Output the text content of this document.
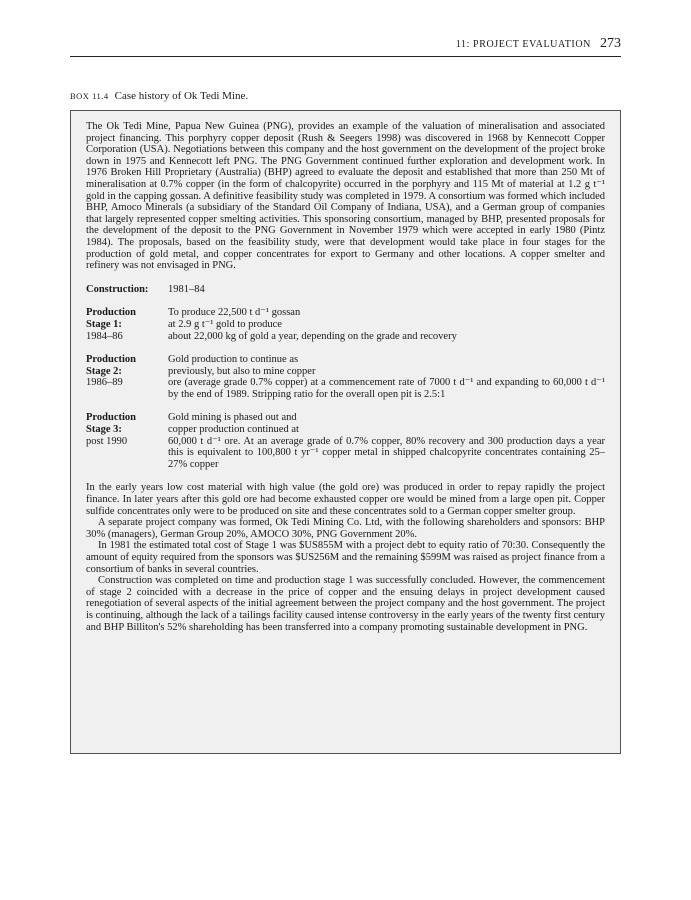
11: PROJECT EVALUATION 273
BOX 11.4 Case history of Ok Tedi Mine.

The Ok Tedi Mine, Papua New Guinea (PNG), provides an example of the valuation of mineralisation and associated project financing. This porphyry copper deposit (Rush & Seegers 1998) was discovered in 1968 by Kennecott Copper Corporation (USA). Negotiations between this company and the host government on the development of the project broke down in 1975 and Kennecott left PNG. The PNG Government continued further exploration and development work. In 1976 Broken Hill Proprietary (Australia) (BHP) agreed to evaluate the deposit and established that more than 250 Mt of mineralisation at 0.7% copper (in the form of chalcopyrite) occurred in the porphyry and 115 Mt of material at 1.2 g t⁻¹ gold in the capping gossan. A definitive feasibility study was completed in 1979. A consortium was formed which included BHP, Amoco Minerals (a subsidiary of the Standard Oil Company of Indiana, USA), and a German group of companies that largely represented copper smelting activities. This sponsoring consortium, managed by BHP, presented proposals for the development of the deposit to the PNG Government in November 1979 which were accepted in early 1980 (Pintz 1984). The proposals, based on the feasibility study, were that development would take place in four stages for the production of gold metal, and copper concentrates for export to Germany and other locations. A copper smelter and refinery was not envisaged in PNG.

Construction:	1981–84
Production	To produce 22,500 t d⁻¹ gossan
Stage 1:	at 2.9 g t⁻¹ gold to produce
1984–86	about 22,000 kg of gold a year, depending on the grade and recovery
Production	Gold production to continue as
Stage 2:	previously, but also to mine copper
1986–89	ore (average grade 0.7% copper) at a commencement rate of 7000 t d⁻¹ and expanding to 60,000 t d⁻¹ by the end of 1989. Stripping ratio for the overall open pit is 2.5:1
Production	Gold mining is phased out and
Stage 3:	copper production continued at
post 1990	60,000 t d⁻¹ ore. At an average grade of 0.7% copper, 80% recovery and 300 production days a year this is equivalent to 100,800 t yr⁻¹ copper metal in shipped chalcopyrite concentrates containing 25–27% copper

In the early years low cost material with high value (the gold ore) was produced in order to repay rapidly the project finance. In later years after this gold ore had become exhausted copper ore would be mined from a large open pit. Copper sulfide concentrates only were to be produced on site and these concentrates sold to a German copper smelter group.

A separate project company was formed, Ok Tedi Mining Co. Ltd, with the following shareholders and sponsors: BHP 30% (managers), German Group 20%, AMOCO 30%, PNG Government 20%.

In 1981 the estimated total cost of Stage 1 was $US855M with a project debt to equity ratio of 70:30. Consequently the amount of equity required from the sponsors was $US256M and the remaining $599M was raised as project finance from a consortium of banks in several countries.

Construction was completed on time and production stage 1 was successfully concluded. However, the commencement of stage 2 coincided with a decrease in the price of copper and the ensuing delays in project development caused renegotiation of several aspects of the initial agreement between the project company and the host government. The project is continuing, although the lack of a tailings facility caused intense controversy in the early years of the twenty first century and BHP Billiton's 52% shareholding has been transferred into a company promoting sustainable development in PNG.
